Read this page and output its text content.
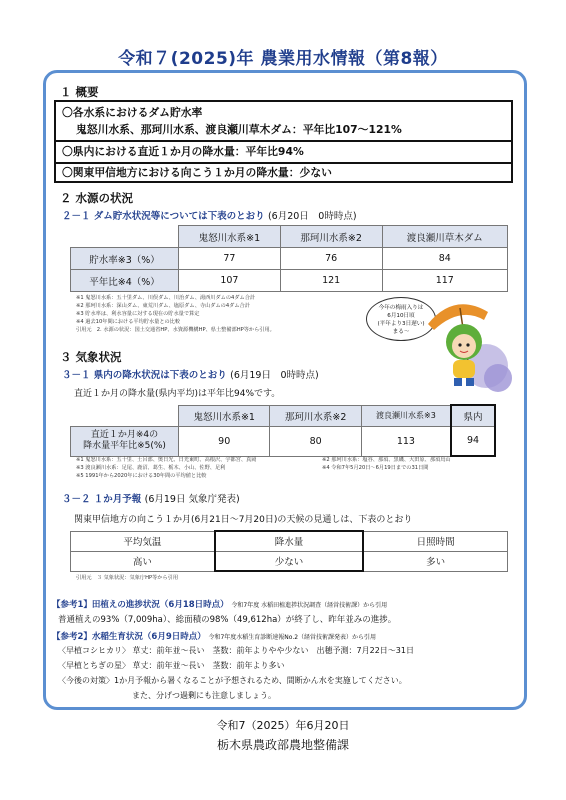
令和７(2025)年 農業用水情報（第8報）
１ 概要
〇各水系におけるダム貯水率
鬼怒川水系、那珂川水系、渡良瀬川草木ダム：平年比107～121%
〇県内における直近１か月の降水量：平年比94%
〇関東甲信地方における向こう１か月の降水量：少ない
２ 水源の状況
２－１ ダム貯水状況等については下表のとおり (6月20日　0時時点)
	鬼怒川水系※1	那珂川水系※2	渡良瀬川草木ダム
貯水率※3（%）	77	76	84
平年比※4（%）	107	121	117
※1 鬼怒川水系：五十里ダム、川俣ダム、川治ダム、湯西川ダムの4ダム合計
※2 那珂川水系：深山ダム、東荒川ダム、塩原ダム、寺山ダムの4ダム合計
※3 貯水率は、利水容量に対する現在の貯水量で算定
※4 過去10年間における平均貯水量との比較
引用元　2. 水源の状況：国土交通省HP、水資源機構HP、県土整備部HP等から引用。
今年の梅雨入りは
6月10日頃
(平年より3日遅い)
まる～
３ 気象状況
３－１ 県内の降水状況は下表のとおり (6月19日　0時時点)
直近１か月の降水量(県内平均)は平年比94%です。
	鬼怒川水系※1	那珂川水系※2	渡良瀬川水系※3	県内

直近１か月※4の
降水量平年比※5(%)	90	80	113	94
※1 鬼怒川水系：五十里、土呂部、奥日光、日光東町、高根沢、宇都宮、真岡
※3 渡良瀬川水系：足尾、鹿沼、葛生、栃木、小山、佐野、足利
※5 1991年から2020年における30年間の平均値と比較
※2 那珂川水系：塩谷、那須、黒磯、大田原、那須烏山
※4 令和7年5月20日～6月19日までの31日間
３－２ １か月予報 (6月19日 気象庁発表)
関東甲信地方の向こう１か月(6月21日～7月20日)の天候の見通しは、下表のとおり
平均気温	降水量	日照時間
高い	少ない	多い
引用元　３ 気象状況：気象庁HP等から引用
【参考1】田植えの進捗状況（6月18日時点） 令和7年度 水稲田植進捗状況調査（経営技術課）から引用
普通植えの93%（7,009ha）、総面積の98%（49,612ha）が終了し、昨年並みの進捗。
【参考2】水稲生育状況（6月9日時点） 令和7年度水稲生育診断速報No.2（経営技術課発表）から引用
〈早植コシヒカリ〉 草丈：前年並～長い　茎数：前年よりやや少ない　出穂予測：7月22日～31日
〈早植とちぎの星〉 草丈：前年並～長い　茎数：前年より多い
〈今後の対策〉1か月予報から暑くなることが予想されるため、間断かん水を実施してください。
また、分げつ過剰にも注意しましょう。
令和7（2025）年6月20日
栃木県農政部農地整備課
